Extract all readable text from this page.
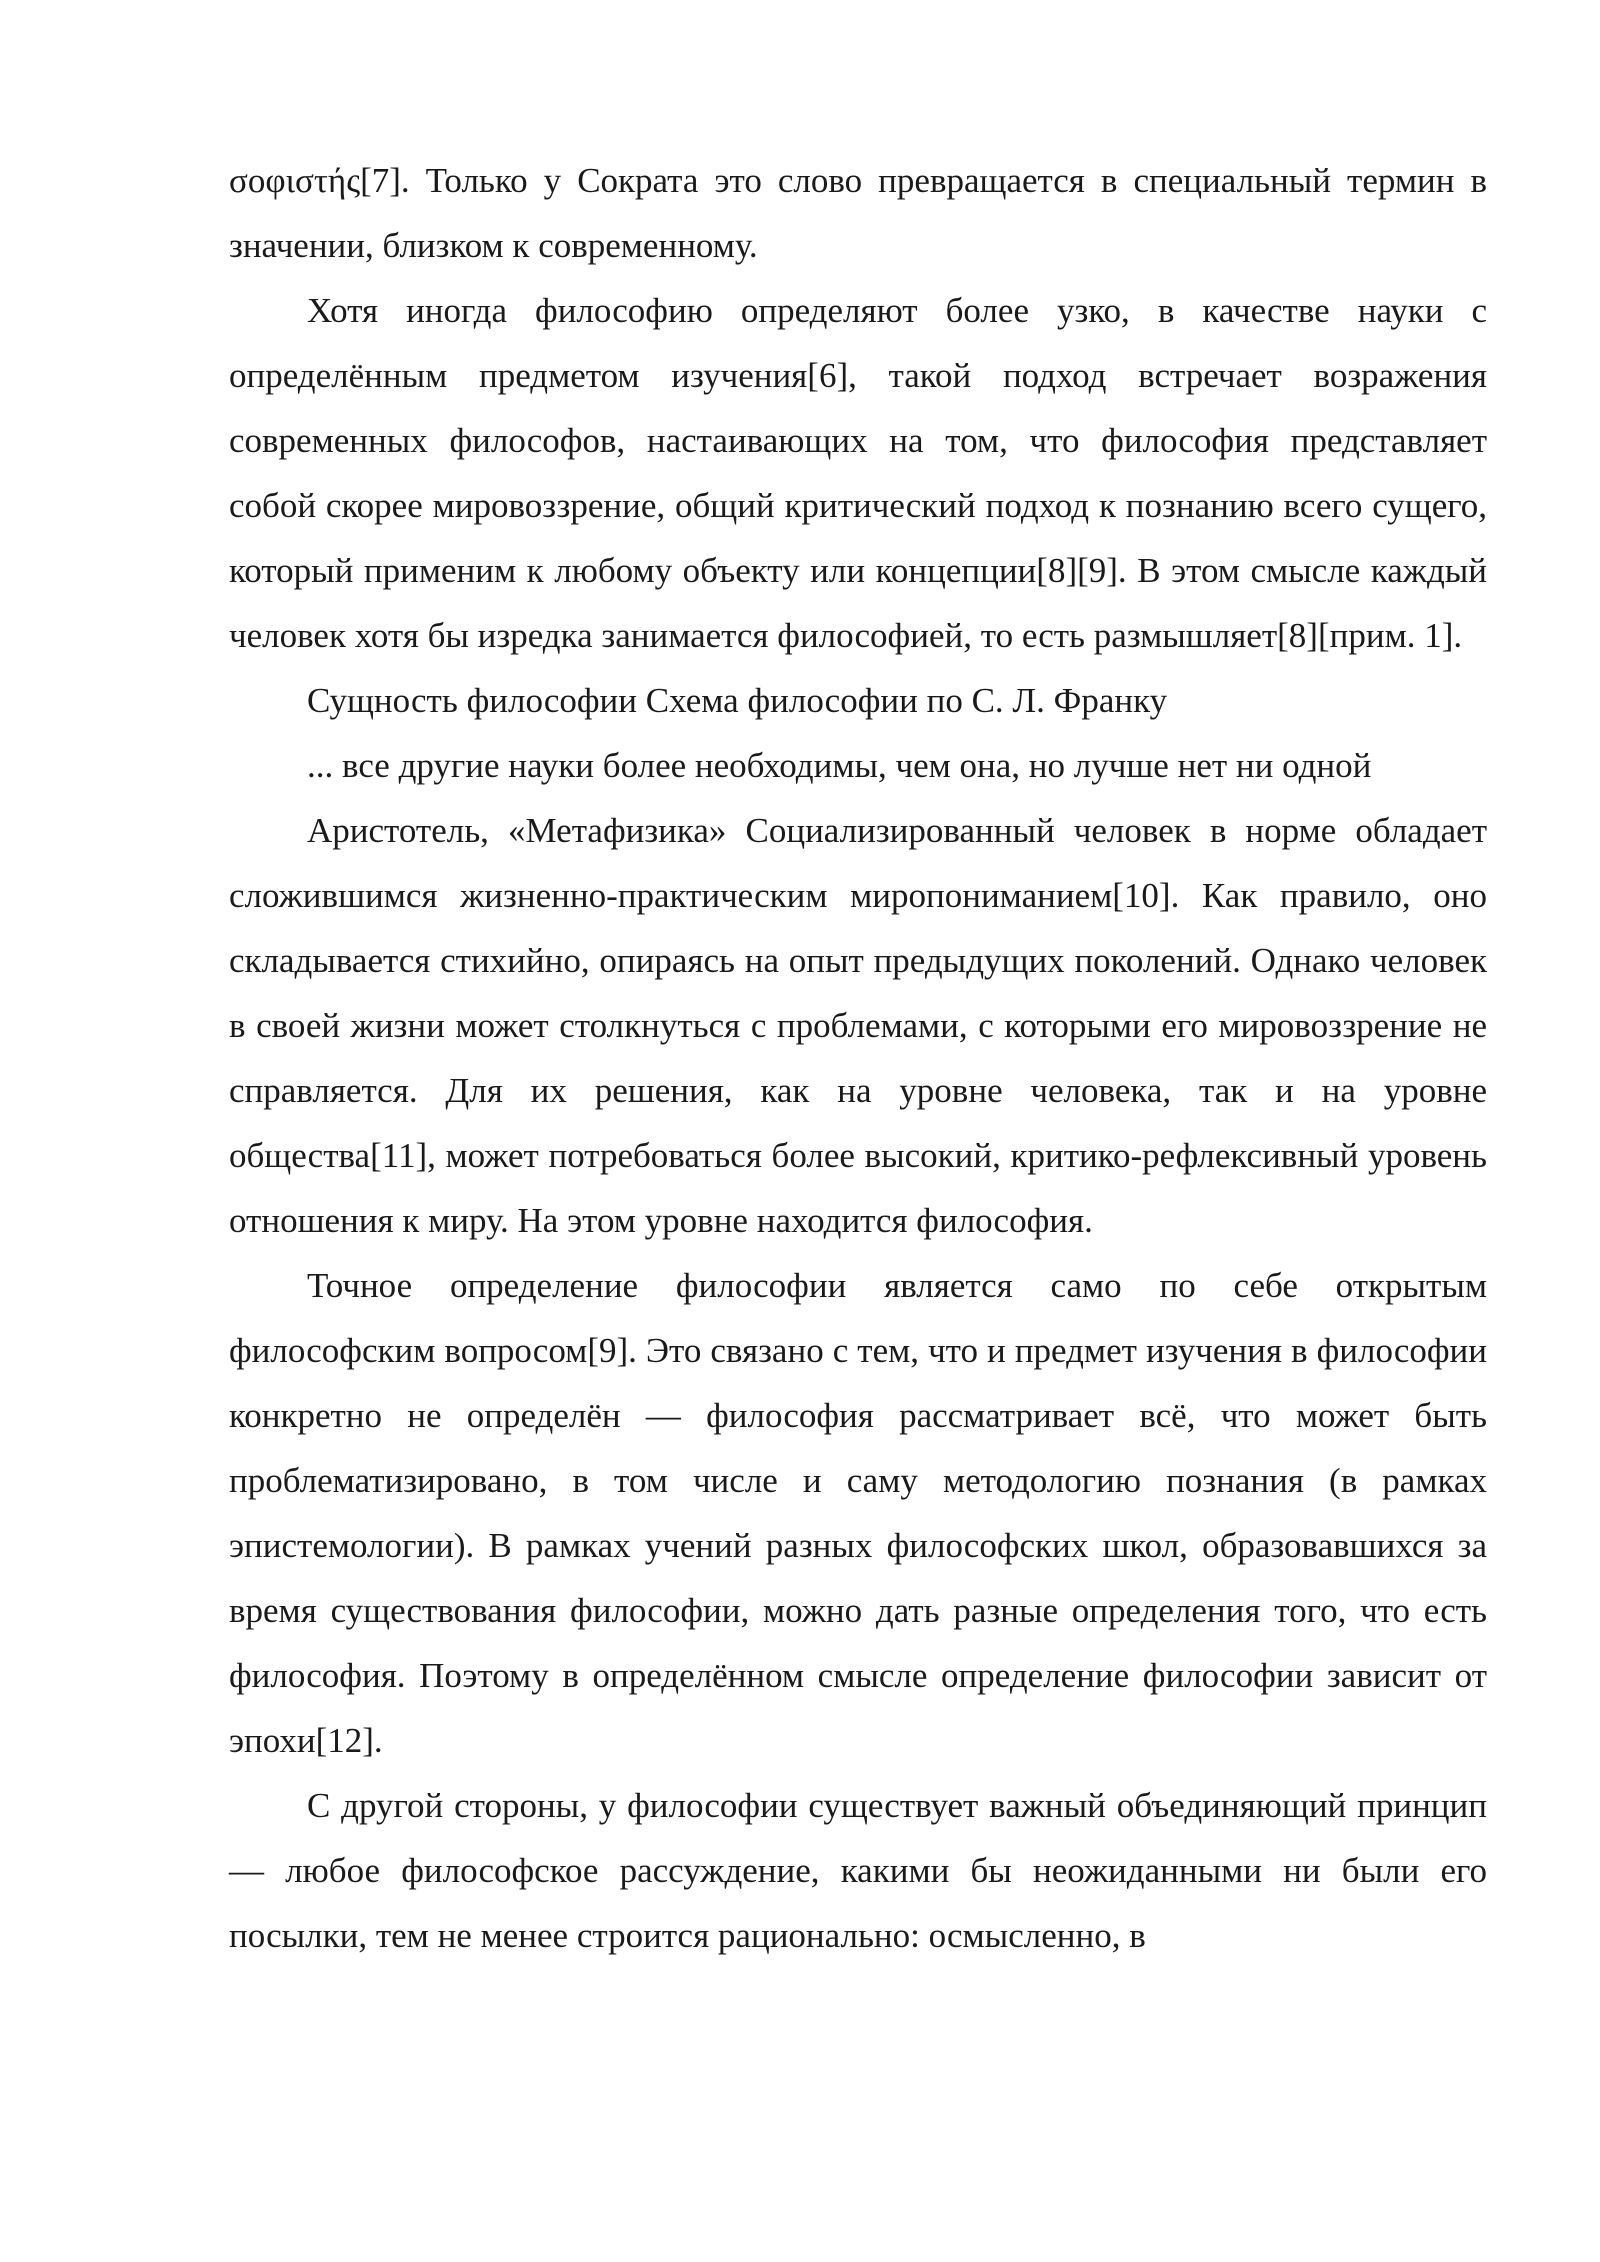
σοφιστής[7]. Только у Сократа это слово превращается в специальный термин в значении, близком к современному.

Хотя иногда философию определяют более узко, в качестве науки с определённым предметом изучения[6], такой подход встречает возражения современных философов, настаивающих на том, что философия представляет собой скорее мировоззрение, общий критический подход к познанию всего сущего, который применим к любому объекту или концепции[8][9]. В этом смысле каждый человек хотя бы изредка занимается философией, то есть размышляет[8][прим. 1].

Сущность философии Схема философии по С. Л. Франку

... все другие науки более необходимы, чем она, но лучше нет ни одной

Аристотель, «Метафизика» Социализированный человек в норме обладает сложившимся жизненно-практическим миропониманием[10]. Как правило, оно складывается стихийно, опираясь на опыт предыдущих поколений. Однако человек в своей жизни может столкнуться с проблемами, с которыми его мировоззрение не справляется. Для их решения, как на уровне человека, так и на уровне общества[11], может потребоваться более высокий, критико-рефлексивный уровень отношения к миру. На этом уровне находится философия.

Точное определение философии является само по себе открытым философским вопросом[9]. Это связано с тем, что и предмет изучения в философии конкретно не определён — философия рассматривает всё, что может быть проблематизировано, в том числе и саму методологию познания (в рамках эпистемологии). В рамках учений разных философских школ, образовавшихся за время существования философии, можно дать разные определения того, что есть философия. Поэтому в определённом смысле определение философии зависит от эпохи[12].

С другой стороны, у философии существует важный объединяющий принцип — любое философское рассуждение, какими бы неожиданными ни были его посылки, тем не менее строится рационально: осмысленно, в
